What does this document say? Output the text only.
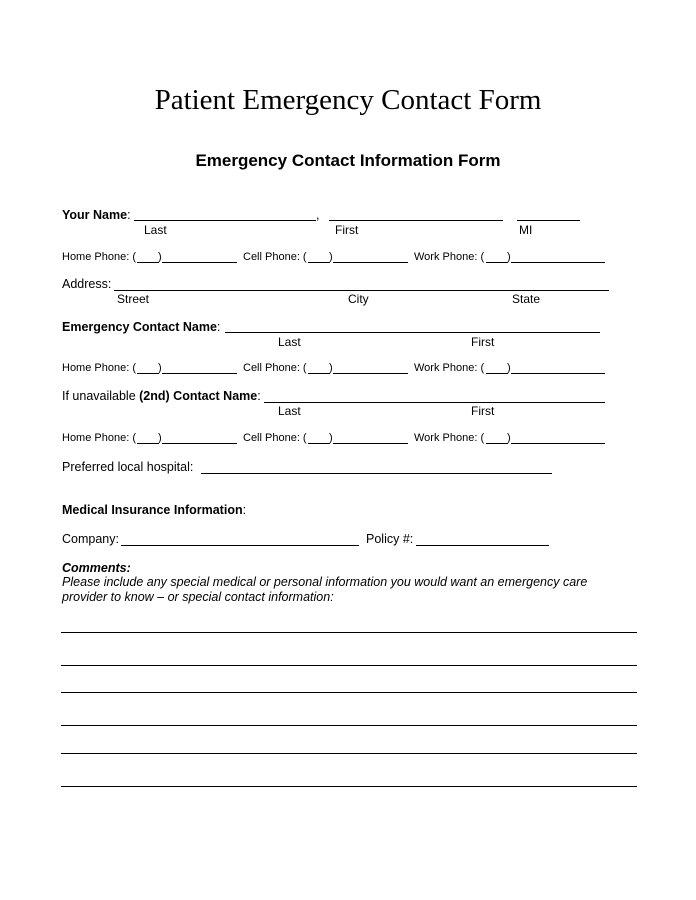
Patient Emergency Contact Form
Emergency Contact Information Form
Your Name:	,
Last	First	MI
Home Phone: ( )	Cell Phone: ( )	Work Phone: ( )
Address:
Street	City	State
Emergency Contact Name:
Last	First
Home Phone: ( )	Cell Phone: ( )	Work Phone: ( )
If unavailable (2nd) Contact Name:
Last	First
Home Phone: ( )	Cell Phone: ( )	Work Phone: ( )
Preferred local hospital:
Medical Insurance Information:
Company:	Policy #:
Comments:
Please include any special medical or personal information you would want an emergency care
provider to know – or special contact information:
